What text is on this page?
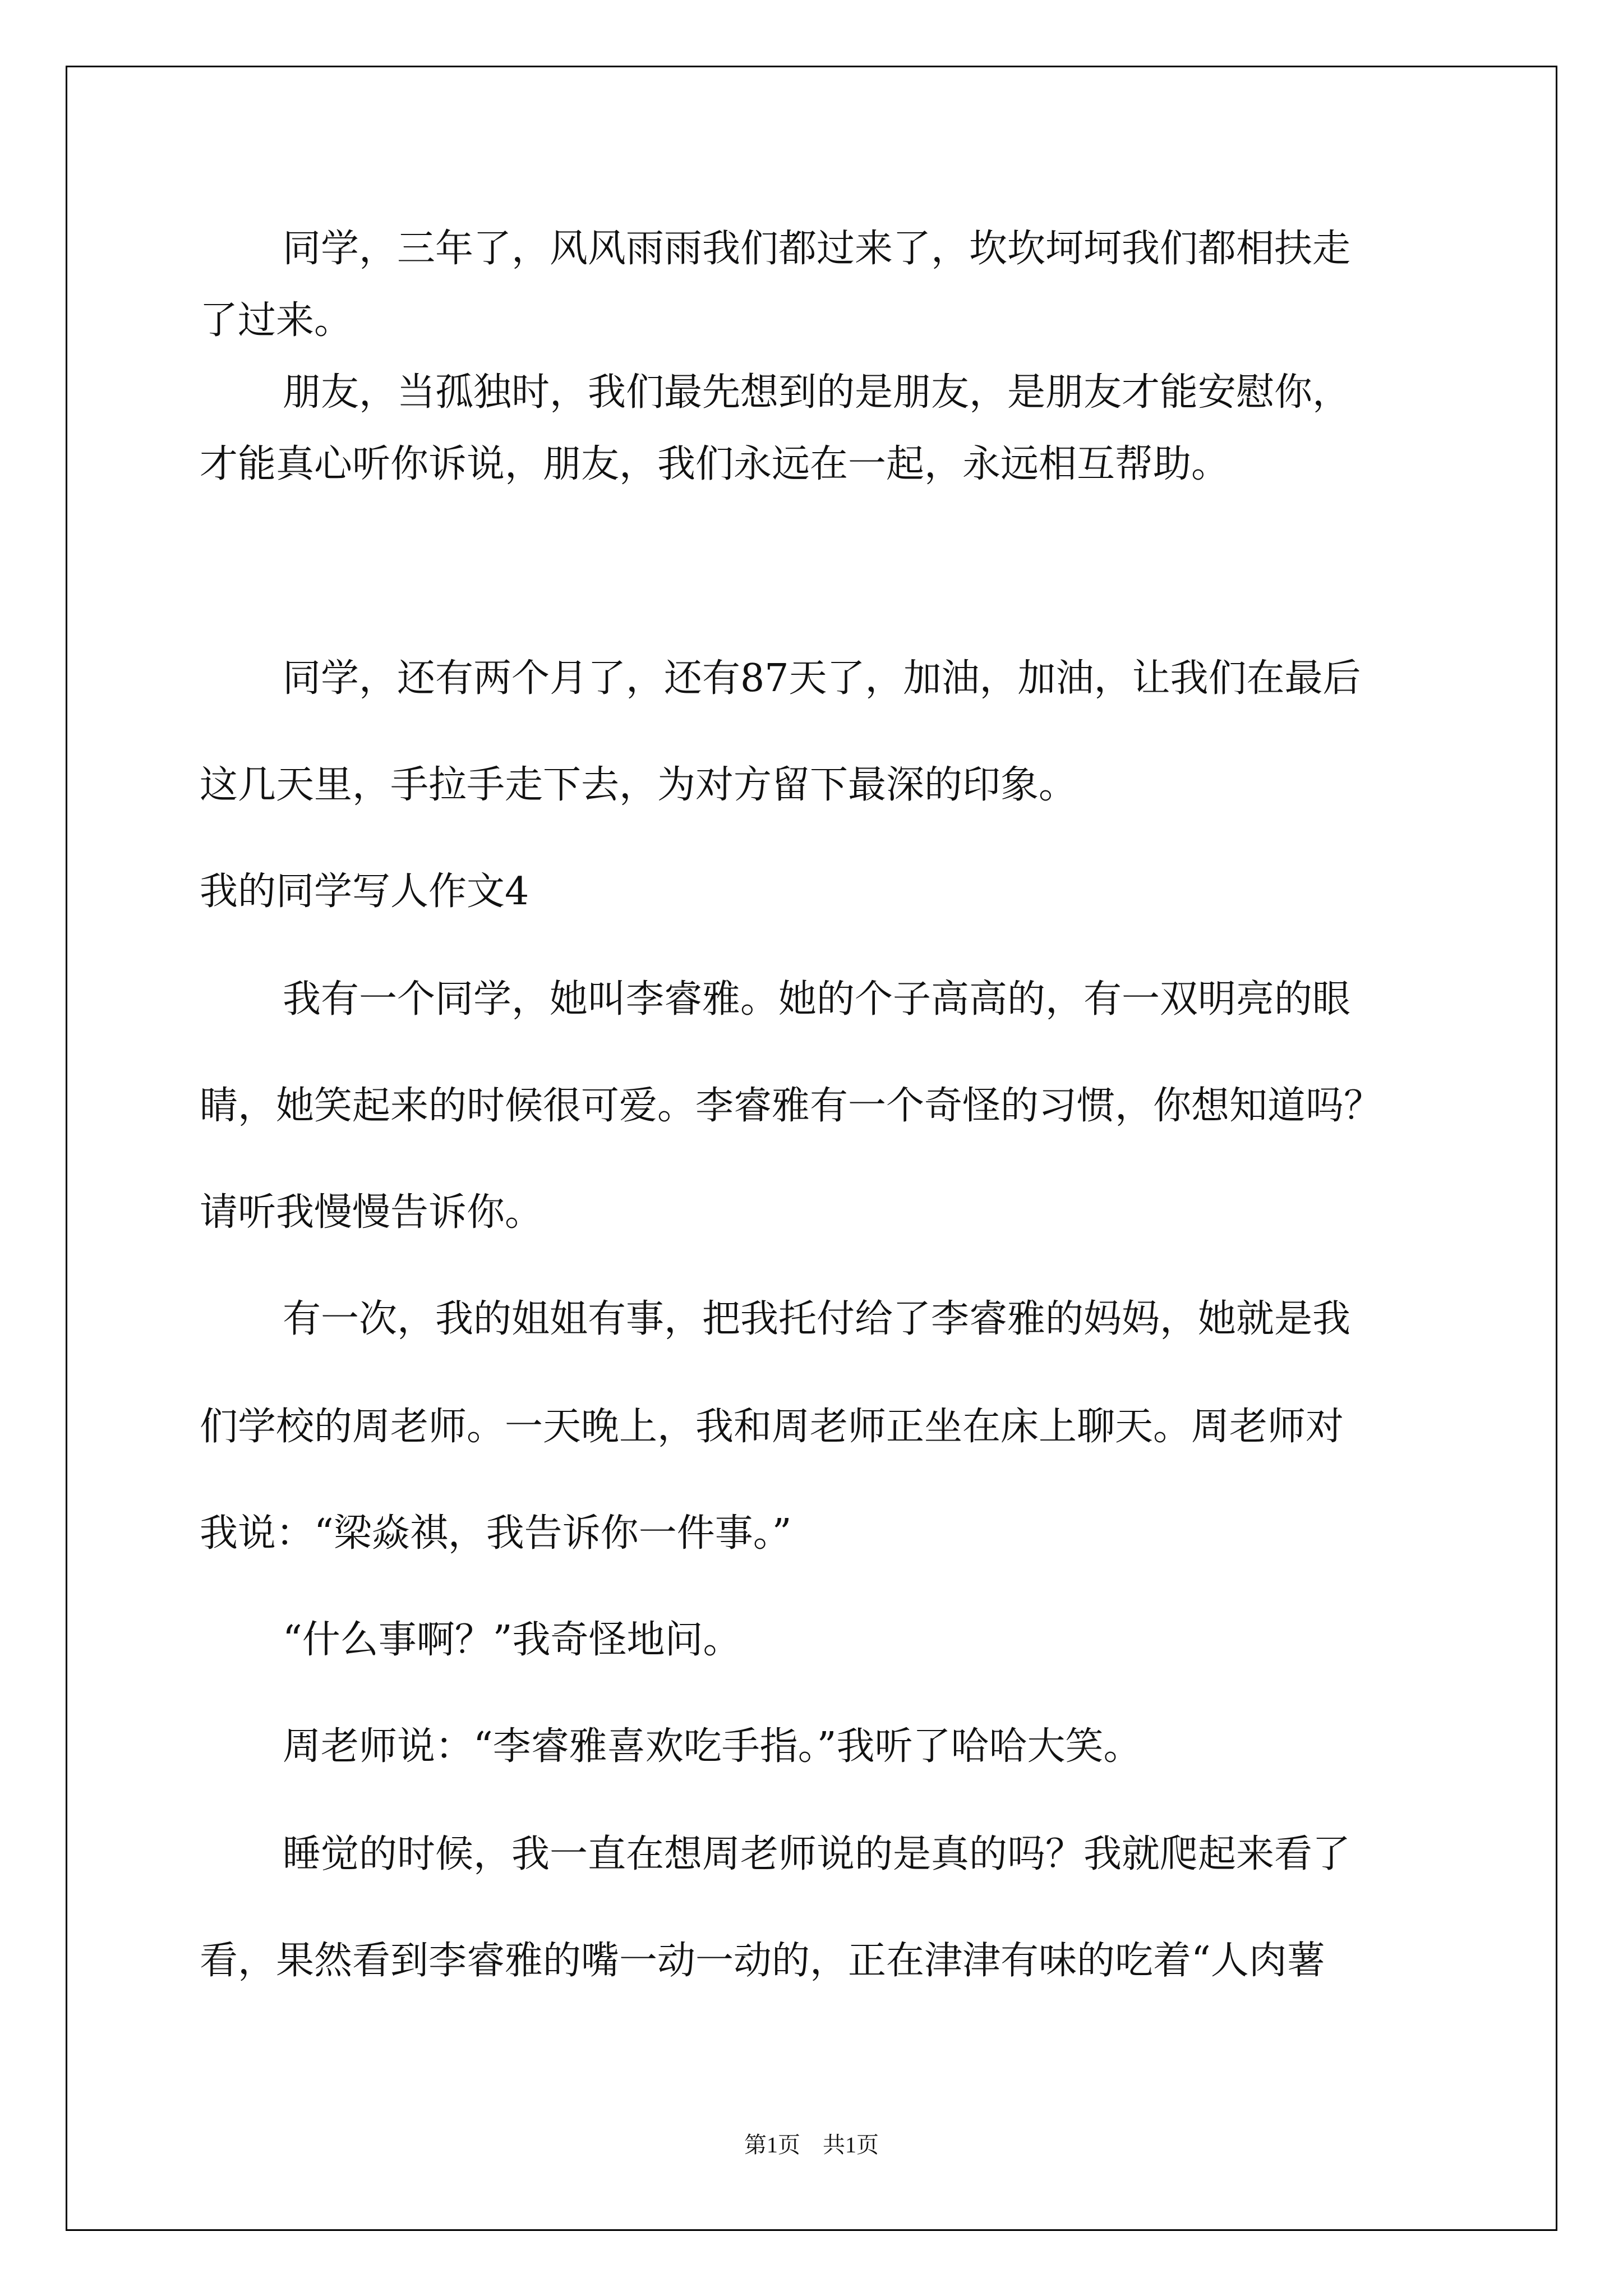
同学，三年了，风风雨雨我们都过来了，坎坎坷坷我们都相扶走
了过来。
朋友，当孤独时，我们最先想到的是朋友，是朋友才能安慰你，
才能真心听你诉说，朋友，我们永远在一起，永远相互帮助。
同学，还有两个月了，还有87天了，加油，加油，让我们在最后
这几天里，手拉手走下去，为对方留下最深的印象。
我的同学写人作文4
我有一个同学，她叫李睿雅。她的个子高高的，有一双明亮的眼
睛，她笑起来的时候很可爱。李睿雅有一个奇怪的习惯，你想知道吗？
请听我慢慢告诉你。
有一次，我的姐姐有事，把我托付给了李睿雅的妈妈，她就是我
们学校的周老师。一天晚上，我和周老师正坐在床上聊天。周老师对
我说：“梁焱祺，我告诉你一件事。”
“什么事啊？”我奇怪地问。
周老师说：“李睿雅喜欢吃手指。”我听了哈哈大笑。
睡觉的时候，我一直在想周老师说的是真的吗？我就爬起来看了
看，果然看到李睿雅的嘴一动一动的，正在津津有味的吃着“人肉薯
第1页　共1页
